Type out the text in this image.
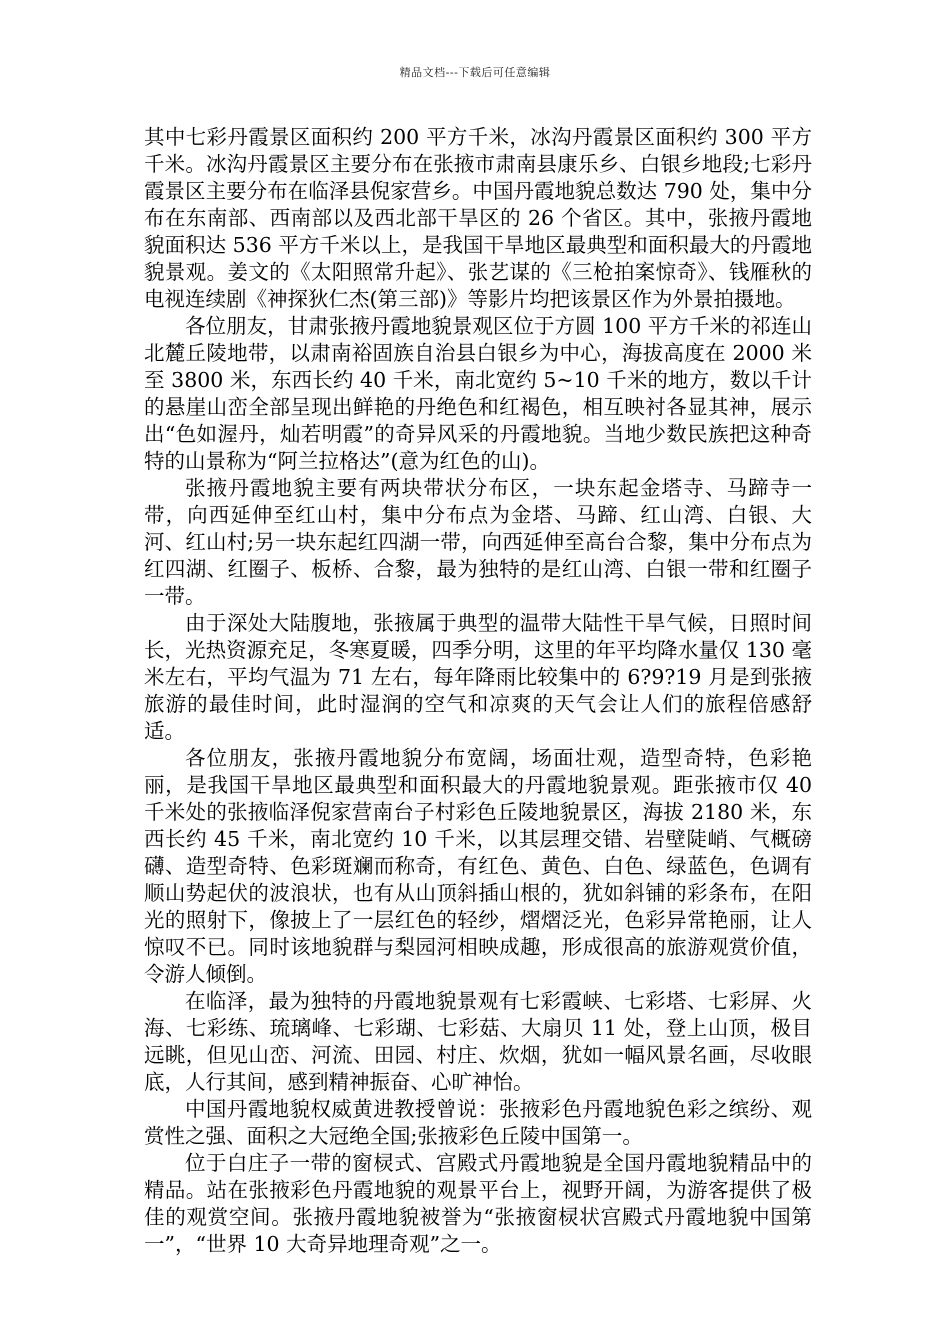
精品文档---下载后可任意编辑

其中七彩丹霞景区面积约 200 平方千米，冰沟丹霞景区面积约 300 平方千米。冰沟丹霞景区主要分布在张掖市肃南县康乐乡、白银乡地段;七彩丹霞景区主要分布在临泽县倪家营乡。中国丹霞地貌总数达 790 处，集中分布在东南部、西南部以及西北部干旱区的 26 个省区。其中，张掖丹霞地貌面积达 536 平方千米以上，是我国干旱地区最典型和面积最大的丹霞地貌景观。姜文的《太阳照常升起》、张艺谋的《三枪拍案惊奇》、钱雁秋的电视连续剧《神探狄仁杰(第三部)》等影片均把该景区作为外景拍摄地。

各位朋友，甘肃张掖丹霞地貌景观区位于方圆 100 平方千米的祁连山北麓丘陵地带，以肃南裕固族自治县白银乡为中心，海拔高度在 2000 米至 3800 米，东西长约 40 千米，南北宽约 5~10 千米的地方，数以千计的悬崖山峦全部呈现出鲜艳的丹绝色和红褐色，相互映衬各显其神，展示出“色如渥丹，灿若明霞”的奇异风采的丹霞地貌。当地少数民族把这种奇特的山景称为“阿兰拉格达”(意为红色的山)。

张掖丹霞地貌主要有两块带状分布区，一块东起金塔寺、马蹄寺一带，向西延伸至红山村，集中分布点为金塔、马蹄、红山湾、白银、大河、红山村;另一块东起红四湖一带，向西延伸至高台合黎，集中分布点为红四湖、红圈子、板桥、合黎，最为独特的是红山湾、白银一带和红圈子一带。

由于深处大陆腹地，张掖属于典型的温带大陆性干旱气候，日照时间长，光热资源充足，冬寒夏暖，四季分明，这里的年平均降水量仅 130 毫米左右，平均气温为 71 左右，每年降雨比较集中的 6?9?19 月是到张掖旅游的最佳时间，此时湿润的空气和凉爽的天气会让人们的旅程倍感舒适。

各位朋友，张掖丹霞地貌分布宽阔，场面壮观，造型奇特，色彩艳丽，是我国干旱地区最典型和面积最大的丹霞地貌景观。距张掖市仅 40 千米处的张掖临泽倪家营南台子村彩色丘陵地貌景区，海拔 2180 米，东西长约 45 千米，南北宽约 10 千米，以其层理交错、岩壁陡峭、气概磅礴、造型奇特、色彩斑斓而称奇，有红色、黄色、白色、绿蓝色，色调有顺山势起伏的波浪状，也有从山顶斜插山根的，犹如斜铺的彩条布，在阳光的照射下，像披上了一层红色的轻纱，熠熠泛光，色彩异常艳丽，让人惊叹不已。同时该地貌群与梨园河相映成趣，形成很高的旅游观赏价值，令游人倾倒。

在临泽，最为独特的丹霞地貌景观有七彩霞峡、七彩塔、七彩屏、火海、七彩练、琉璃峰、七彩瑚、七彩菇、大扇贝 11 处，登上山顶，极目远眺，但见山峦、河流、田园、村庄、炊烟，犹如一幅风景名画，尽收眼底，人行其间，感到精神振奋、心旷神怡。

中国丹霞地貌权威黄进教授曾说：张掖彩色丹霞地貌色彩之缤纷、观赏性之强、面积之大冠绝全国;张掖彩色丘陵中国第一。

位于白庄子一带的窗棂式、宫殿式丹霞地貌是全国丹霞地貌精品中的精品。站在张掖彩色丹霞地貌的观景平台上，视野开阔，为游客提供了极佳的观赏空间。张掖丹霞地貌被誉为“张掖窗棂状宫殿式丹霞地貌中国第一”，“世界 10 大奇异地理奇观”之一。
